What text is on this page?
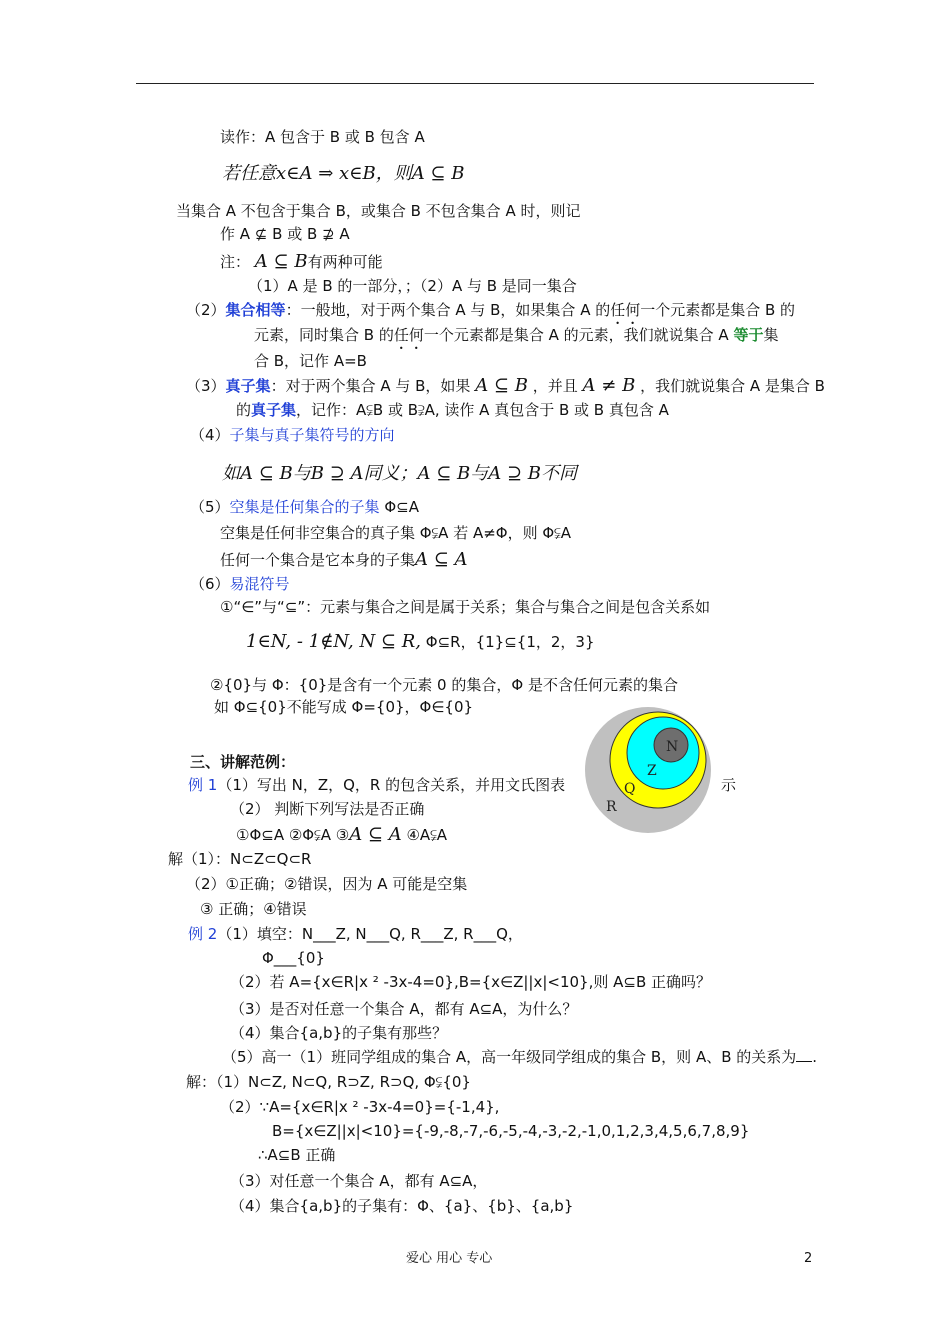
读作：A 包含于 B 或 B 包含 A
若任意x∈A ⇒ x∈B，则A ⊆ B
当集合 A 不包含于集合 B，或集合 B 不包含集合 A 时，则记
作 A ⊈ B 或 B ⊉ A
注： A ⊆ B有两种可能
（1）A 是 B 的一部分，；（2）A 与 B 是同一集合
（2）集合相等：一般地，对于两个集合 A 与 B，如果集合 A 的任何一个元素都是集合 B 的
元素，同时集合 B 的任何一个元素都是集合 A 的元素，我们就说集合 A 等于集
合 B，记作 A=B
（3）真子集：对于两个集合 A 与 B，如果 A ⊆ B ，并且 A ≠ B ，我们就说集合 A 是集合 B
的真子集，记作：A⫋B 或 B⫌A, 读作 A 真包含于 B 或 B 真包含 A
（4）子集与真子集符号的方向
如A ⊆ B与B ⊇ A同义；A ⊆ B与A ⊇ B不同
（5）空集是任何集合的子集 Φ⊆A
空集是任何非空集合的真子集 Φ⫋A 若 A≠Φ，则 Φ⫋A
任何一个集合是它本身的子集A ⊆ A
（6）易混符号
①“∈”与“⊆”：元素与集合之间是属于关系；集合与集合之间是包含关系如
1∈N, - 1∉N, N ⊆ R, Φ⊆R，{1}⊆{1，2，3}
②{0}与 Φ：{0}是含有一个元素 0 的集合，Φ 是不含任何元素的集合
如 Φ⊆{0}不能写成 Φ={0}，Φ∈{0}
三、讲解范例：
例 1（1）写出 N，Z，Q，R 的包含关系，并用文氏图表	示
（2） 判断下列写法是否正确
①Φ⊆A ②Φ⫋A ③A ⊆ A ④A⫋A
解（1）：N⊂Z⊂Q⊂R
（2）①正确；②错误，因为 A 可能是空集
③ 正确；④错误
例 2（1）填空：N___Z, N___Q, R___Z, R___Q，
Φ___{0}
（2）若 A={x∈R|x ² -3x-4=0},B={x∈Z||x|<10},则 A⊆B 正确吗？
（3）是否对任意一个集合 A，都有 A⊆A，为什么？
（4）集合{a,b}的子集有那些？
（5）高一（1）班同学组成的集合 A，高一年级同学组成的集合 B，则 A、B 的关系为 .
解：（1）N⊂Z, N⊂Q, R⊃Z, R⊃Q, Φ⫋{0}
（2）∵A={x∈R|x ² -3x-4=0}={-1,4},
B={x∈Z||x|<10}={-9,-8,-7,-6,-5,-4,-3,-2,-1,0,1,2,3,4,5,6,7,8,9}
∴A⊆B 正确
（3）对任意一个集合 A，都有 A⊆A，
（4）集合{a,b}的子集有：Φ、{a}、{b}、{a,b}
N
Z
Q
R
爱心 用心 专心	2
